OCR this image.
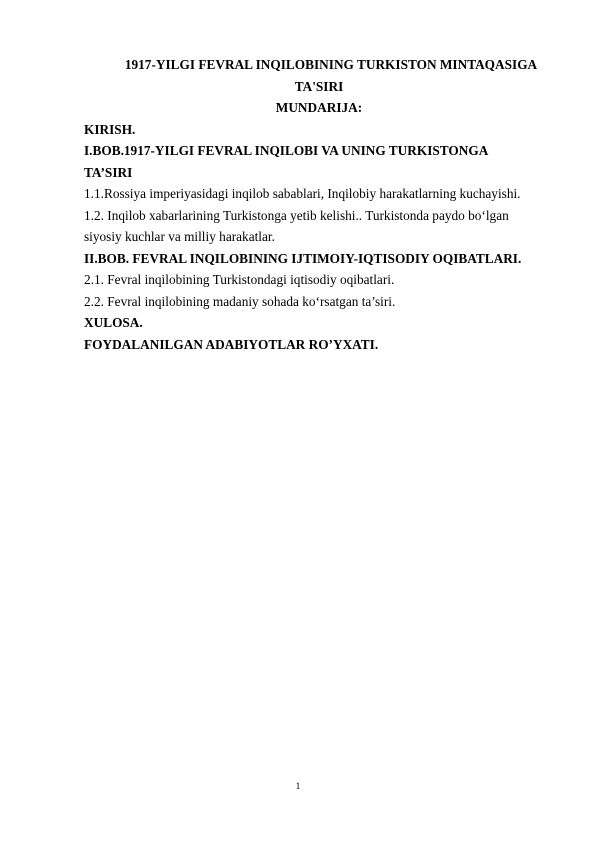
1917-YILGI FEVRAL INQILOBINING TURKISTON MINTAQASIGA
TA'SIRI
MUNDARIJA:
KIRISH.
I.BOB.1917-YILGI FEVRAL INQILOBI VA UNING TURKISTONGA
TA’SIRI
1.1.Rossiya imperiyasidagi inqilob sabablari, Inqilobiy harakatlarning kuchayishi.
1.2. Inqilob xabarlarining Turkistonga yetib kelishi.. Turkistonda paydo bo‘lgan
siyosiy kuchlar va milliy harakatlar.
II.BOB. FEVRAL INQILOBINING IJTIMOIY-IQTISODIY OQIBATLARI.
2.1. Fevral inqilobining Turkistondagi iqtisodiy oqibatlari.
2.2. Fevral inqilobining madaniy sohada ko‘rsatgan ta’siri.
XULOSA.
FOYDALANILGAN ADABIYOTLAR RO’YXATI.
1
